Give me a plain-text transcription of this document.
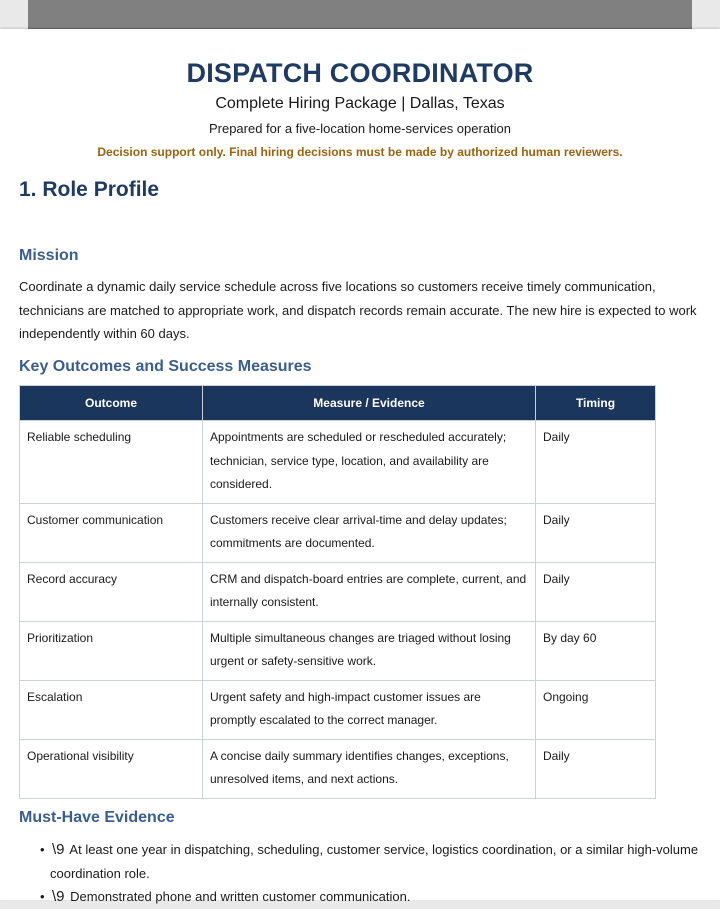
DISPATCH COORDINATOR
Complete Hiring Package | Dallas, Texas
Prepared for a five-location home-services operation
Decision support only. Final hiring decisions must be made by authorized human reviewers.
1. Role Profile
Mission
Coordinate a dynamic daily service schedule across five locations so customers receive timely communication, technicians are matched to appropriate work, and dispatch records remain accurate. The new hire is expected to work independently within 60 days.
Key Outcomes and Success Measures
Outcome	Measure / Evidence	Timing

Reliable scheduling	Appointments are scheduled or rescheduled accurately; technician, service type, location, and availability are considered.	Daily

Customer communication	Customers receive clear arrival-time and delay updates; commitments are documented.	Daily

Record accuracy	CRM and dispatch-board entries are complete, current, and internally consistent.	Daily

Prioritization	Multiple simultaneous changes are triaged without losing urgent or safety-sensitive work.	By day 60

Escalation	Urgent safety and high-impact customer issues are promptly escalated to the correct manager.	Ongoing

Operational visibility	A concise daily summary identifies changes, exceptions, unresolved items, and next actions.	Daily
Must-Have Evidence
• \9 At least one year in dispatching, scheduling, customer service, logistics coordination, or a similar high-volume coordination role.
• \9 Demonstrated phone and written customer communication.
